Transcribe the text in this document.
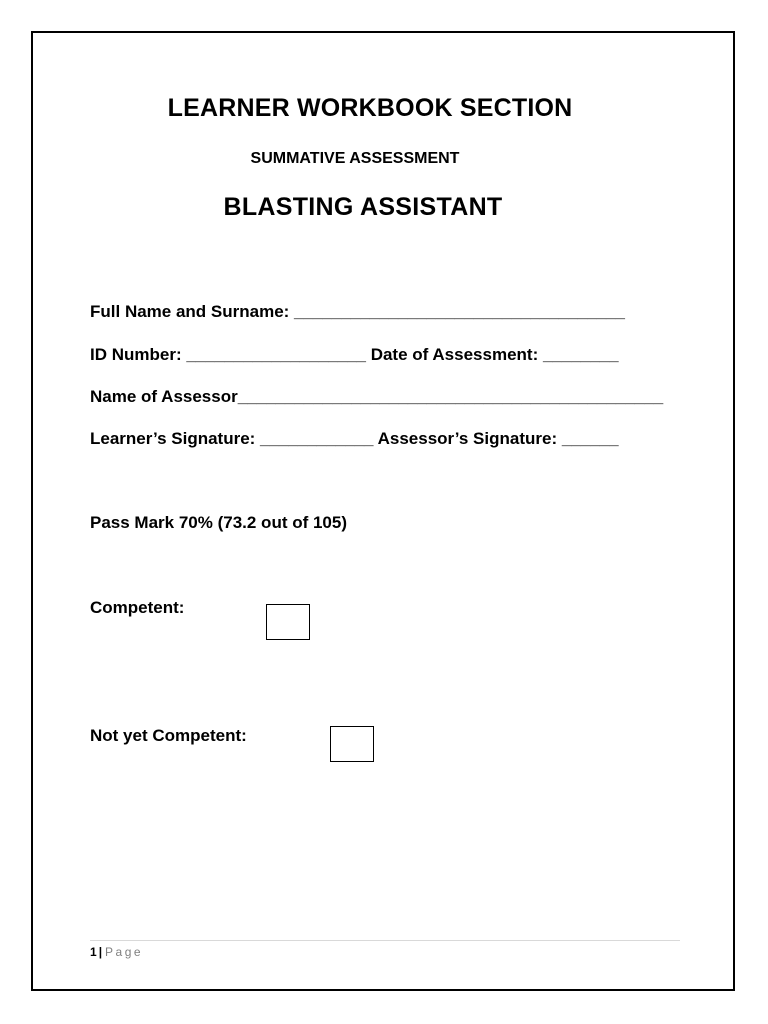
LEARNER WORKBOOK SECTION
SUMMATIVE ASSESSMENT
BLASTING ASSISTANT
Full Name and Surname: ___________________________________
ID Number: ___________________ Date of Assessment: ________
Name of Assessor_____________________________________________
Learner’s Signature: ____________ Assessor’s Signature: ______
Pass Mark 70% (73.2 out of 105)
Competent:
Not yet Competent:
1 | Page
